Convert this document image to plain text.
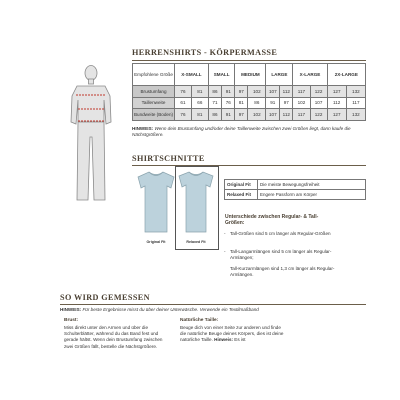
HERRENSHIRTS - KÖRPERMASSE
Empfohlene Größe	X-SMALL		SMALL		MEDIUM		LARGE		X-LARGE		2X-LARGE	
Brustumfang	76	81	86	91	97	102	107	112	117	122	127	132
Taillenweite	61	66	71	76	81	86	91	97	102	107	112	117
Bundweite (Boden)	76	81	86	91	97	102	107	112	117	122	127	132
HINWEIS: Wenn dein Brustumfang und/oder deine Taillenweite zwischen zwei Größen liegt, dann kaufe die Nächstgrößere.
SHIRTSCHNITTE
Original Fit	Relaxed Fit
Original Fit	Die meiste Bewegungsfreiheit
Relaxed Fit	Engere Passform am Körper
Unterschiede zwischen Regular- & Tall-Größen:
- Tall-Größen sind 5 cm länger als Regular-Größen
- Tall-Langarmlängen sind 5 cm länger als Regular-Armlängen;
Tall-Kurzarmlängen sind 1,3 cm länger als Regular-Armlängen.
SO WIRD GEMESSEN
HINWEIS: Für beste Ergebnisse misst du über deiner Unterwäsche. Verwende ein Textilmaßband
Brust:
Miss direkt unter den Armen und über die Schulterblätter, während du das Band fest und gerade hältst. Wenn dein Brustumfang zwischen zwei Größen fällt, bestelle die Nächstgrößere.
Natürliche Taille:
Beuge dich von einer Seite zur anderen und finde die natürliche Beuge deines Körpers, dies ist deine natürliche Taille. Hinweis: Es ist
